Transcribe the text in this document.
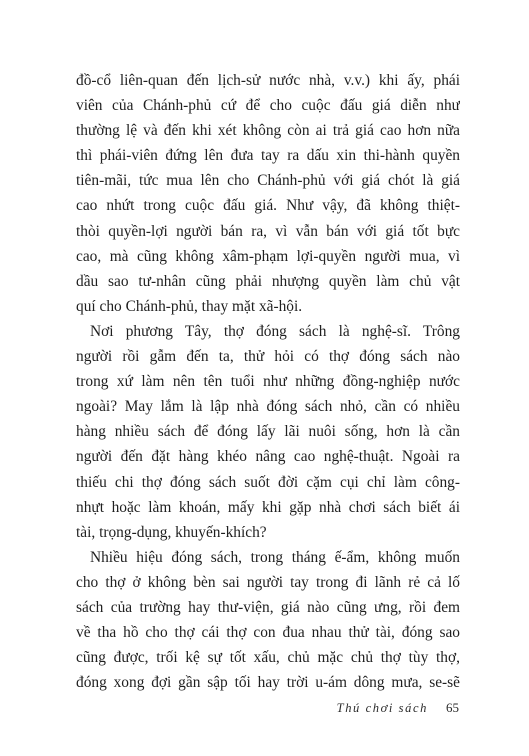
đồ-cổ liên-quan đến lịch-sử nước nhà, v.v.) khi ấy, phái
viên của Chánh-phủ cứ để cho cuộc đấu giá diễn như
thường lệ và đến khi xét không còn ai trả giá cao hơn nữa
thì phái-viên đứng lên đưa tay ra dấu xin thi-hành quyền
tiên-mãi, tức mua lên cho Chánh-phủ với giá chót là giá
cao nhứt trong cuộc đấu giá. Như vậy, đã không thiệt-
thòi quyền-lợi người bán ra, vì vẫn bán với giá tốt bực
cao, mà cũng không xâm-phạm lợi-quyền người mua, vì
dầu sao tư-nhân cũng phải nhượng quyền làm chủ vật
quí cho Chánh-phủ, thay mặt xã-hội.
Nơi phương Tây, thợ đóng sách là nghệ-sĩ. Trông
người rồi gẫm đến ta, thử hỏi có thợ đóng sách nào
trong xứ làm nên tên tuổi như những đồng-nghiệp nước
ngoài? May lắm là lập nhà đóng sách nhỏ, cần có nhiều
hàng nhiều sách để đóng lấy lãi nuôi sống, hơn là cần
người đến đặt hàng khéo nâng cao nghệ-thuật. Ngoài ra
thiếu chi thợ đóng sách suốt đời cặm cụi chỉ làm công-
nhựt hoặc làm khoán, mấy khi gặp nhà chơi sách biết ái
tài, trọng-dụng, khuyến-khích?
Nhiều hiệu đóng sách, trong tháng ế-ẩm, không muốn
cho thợ ở không bèn sai người tay trong đi lãnh rẻ cả lố
sách của trường hay thư-viện, giá nào cũng ưng, rồi đem
về tha hồ cho thợ cái thợ con đua nhau thử tài, đóng sao
cũng được, trối kệ sự tốt xấu, chủ mặc chủ thợ tùy thợ,
đóng xong đợi gần sập tối hay trời u-ám dông mưa, se-sẽ
Thú chơi sách 65
